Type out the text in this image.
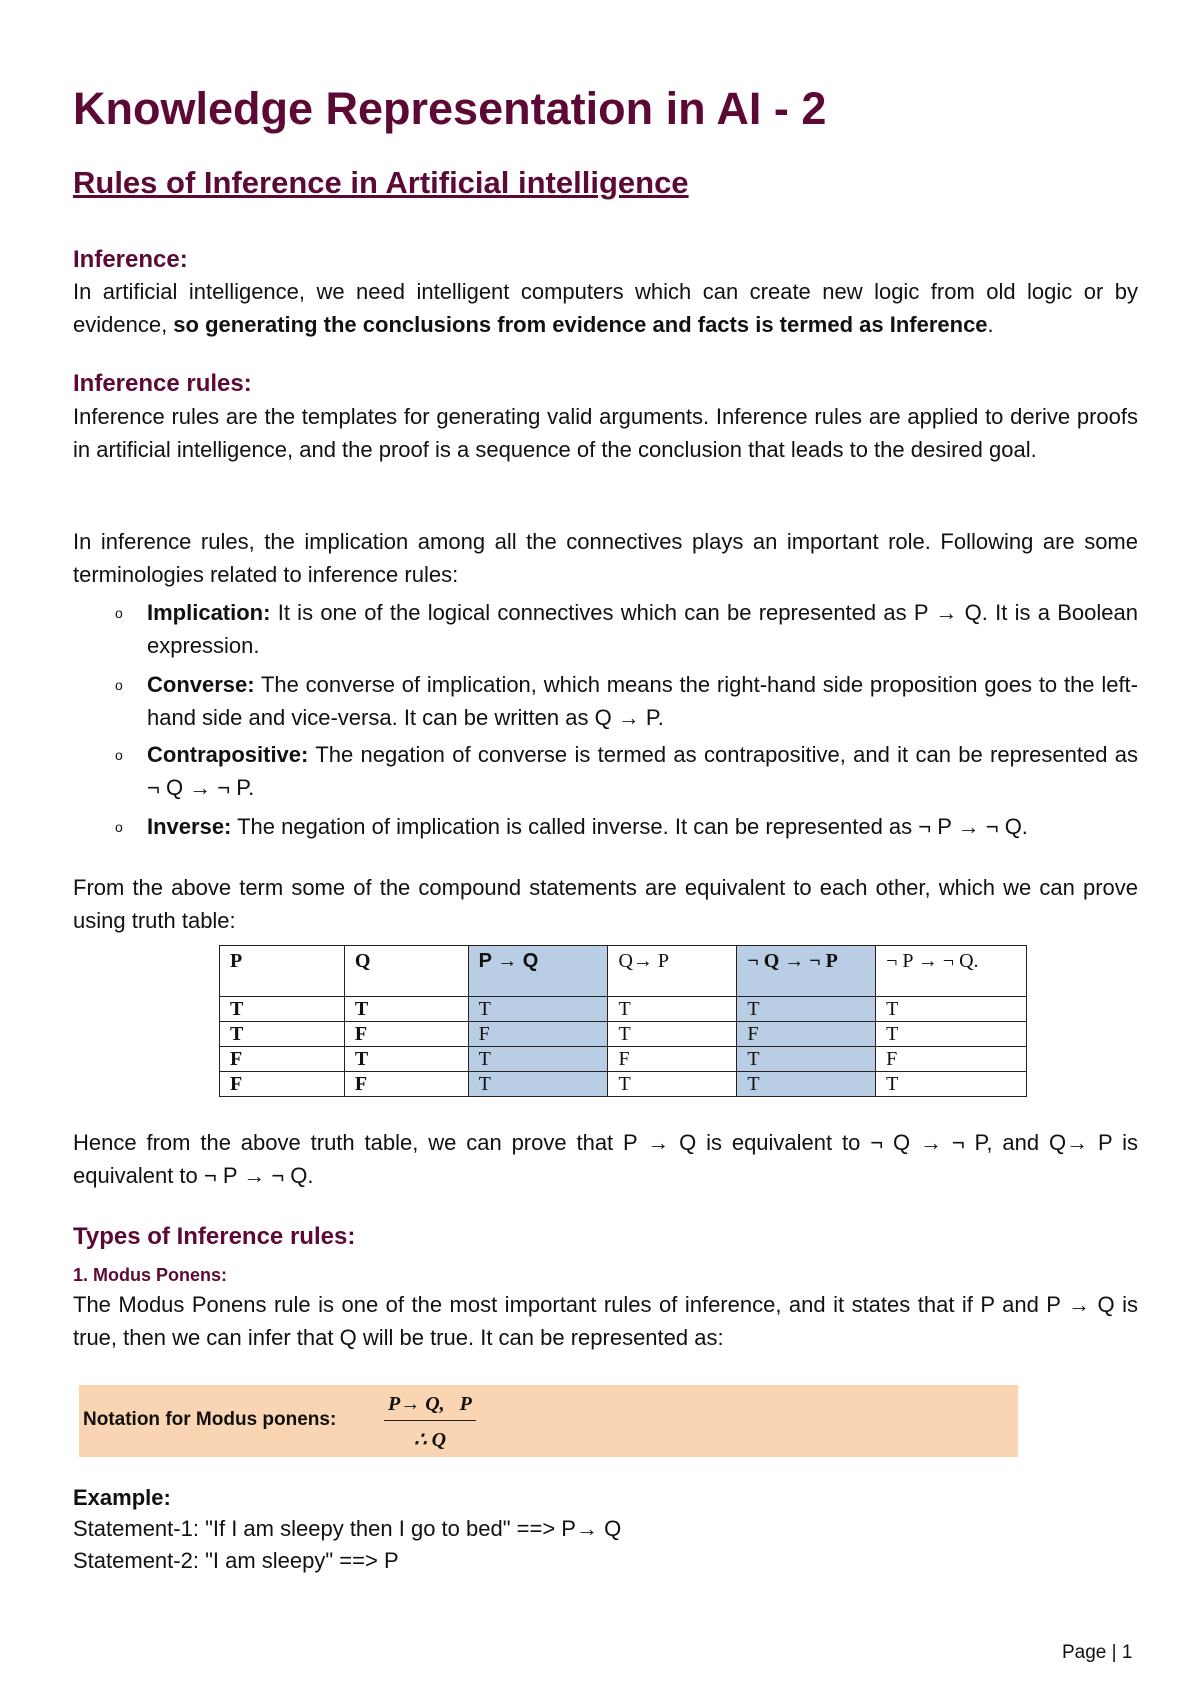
Knowledge Representation in AI - 2
Rules of Inference in Artificial intelligence
Inference:

In artificial intelligence, we need intelligent computers which can create new logic from old logic or by evidence, so generating the conclusions from evidence and facts is termed as Inference.

Inference rules:

Inference rules are the templates for generating valid arguments. Inference rules are applied to derive proofs in artificial intelligence, and the proof is a sequence of the conclusion that leads to the desired goal.

In inference rules, the implication among all the connectives plays an important role. Following are some terminologies related to inference rules:

o Implication: It is one of the logical connectives which can be represented as P → Q. It is a Boolean expression.
o Converse: The converse of implication, which means the right-hand side proposition goes to the left-hand side and vice-versa. It can be written as Q → P.
o Contrapositive: The negation of converse is termed as contrapositive, and it can be represented as ¬ Q → ¬ P.
o Inverse: The negation of implication is called inverse. It can be represented as ¬ P → ¬ Q.

From the above term some of the compound statements are equivalent to each other, which we can prove using truth table:

P	Q	P → Q	Q→ P	¬ Q → ¬ P	¬ P → ¬ Q.
T	T	T	T	T	T
T	F	F	T	F	T
F	T	T	F	T	F
F	F	T	T	T	T

Hence from the above truth table, we can prove that P → Q is equivalent to ¬ Q → ¬ P, and Q→ P is equivalent to ¬ P → ¬ Q.

Types of Inference rules:
1. Modus Ponens:

The Modus Ponens rule is one of the most important rules of inference, and it states that if P and P → Q is true, then we can infer that Q will be true. It can be represented as:

Notation for Modus ponens: $\frac{P\to Q, P}{\therefore Q}$
Example:
Statement-1: "If I am sleepy then I go to bed" ==> P→ Q
Statement-2: "I am sleepy" ==> P
Page | 1
